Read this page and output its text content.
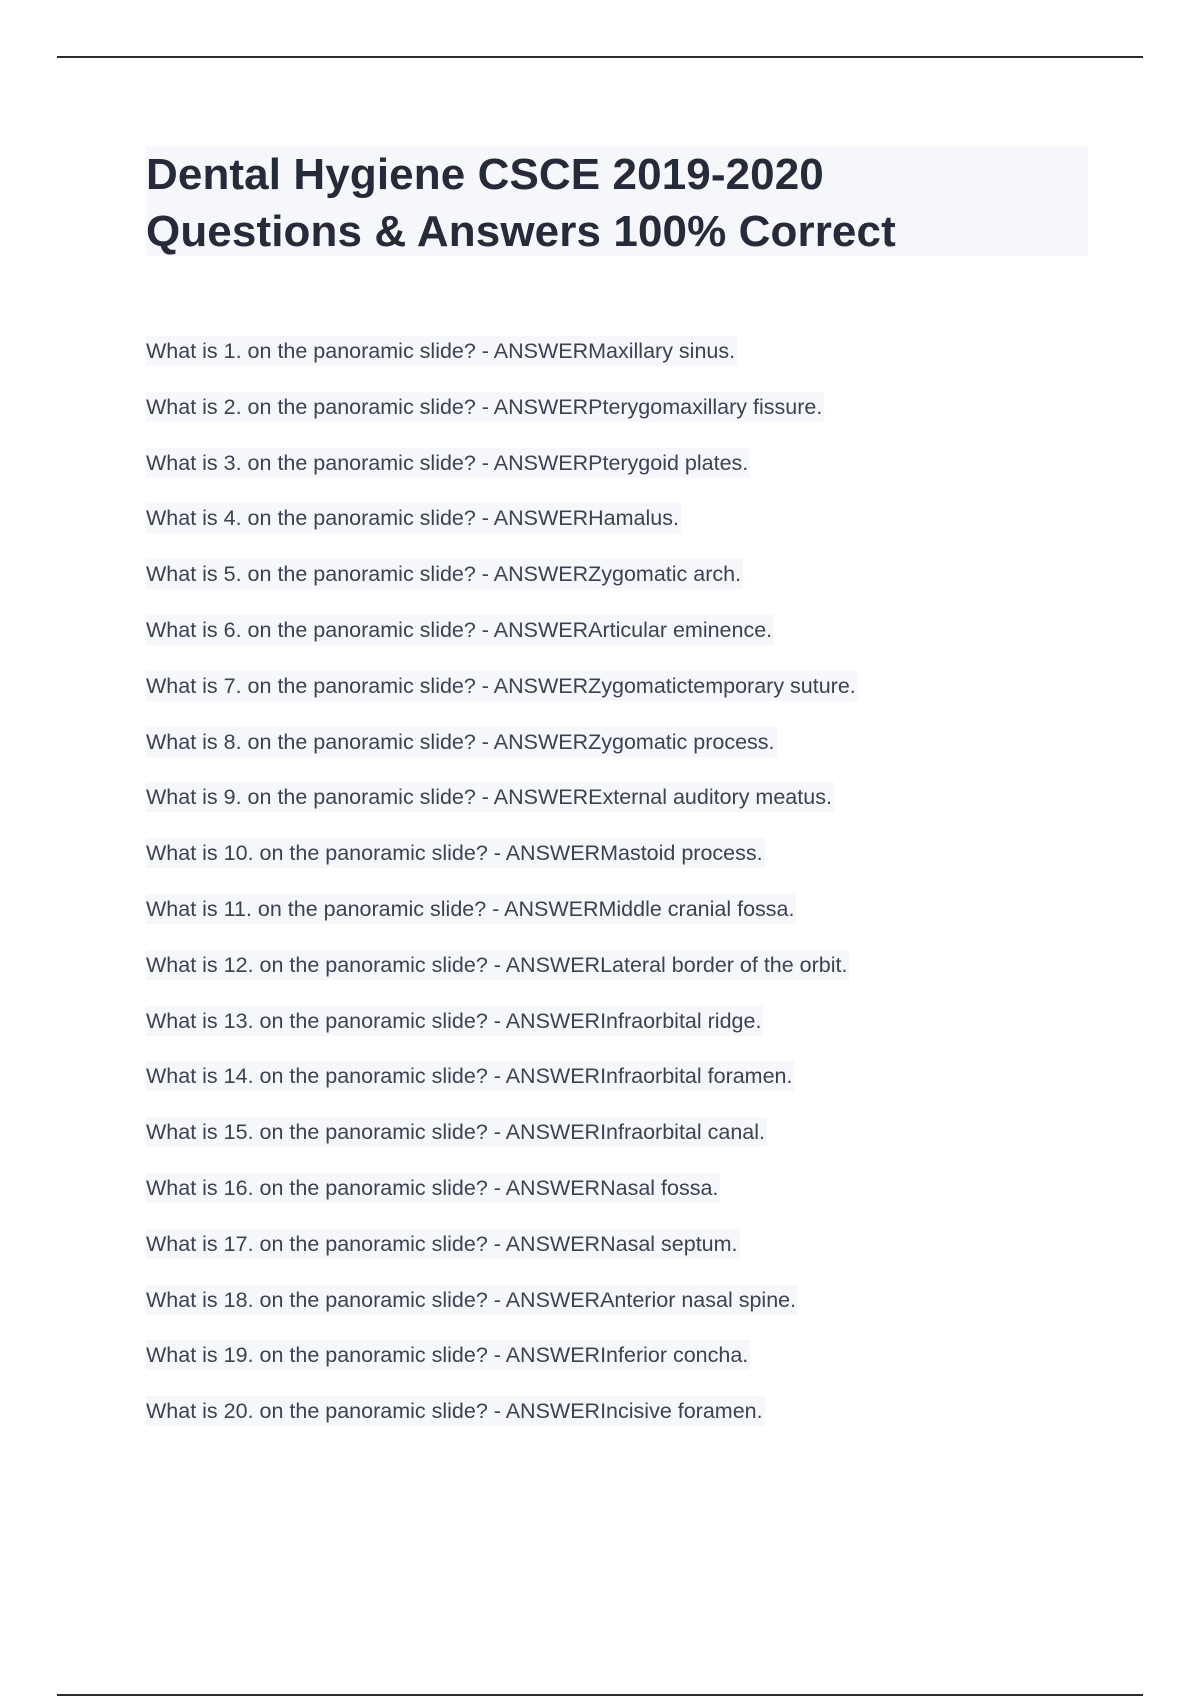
Dental Hygiene CSCE 2019-2020
Questions & Answers 100% Correct
What is 1. on the panoramic slide? - ANSWERMaxillary sinus.
What is 2. on the panoramic slide? - ANSWERPterygomaxillary fissure.
What is 3. on the panoramic slide? - ANSWERPterygoid plates.
What is 4. on the panoramic slide? - ANSWERHamalus.
What is 5. on the panoramic slide? - ANSWERZygomatic arch.
What is 6. on the panoramic slide? - ANSWERArticular eminence.
What is 7. on the panoramic slide? - ANSWERZygomatictemporary suture.
What is 8. on the panoramic slide? - ANSWERZygomatic process.
What is 9. on the panoramic slide? - ANSWERExternal auditory meatus.
What is 10. on the panoramic slide? - ANSWERMastoid process.
What is 11. on the panoramic slide? - ANSWERMiddle cranial fossa.
What is 12. on the panoramic slide? - ANSWERLateral border of the orbit.
What is 13. on the panoramic slide? - ANSWERInfraorbital ridge.
What is 14. on the panoramic slide? - ANSWERInfraorbital foramen.
What is 15. on the panoramic slide? - ANSWERInfraorbital canal.
What is 16. on the panoramic slide? - ANSWERNasal fossa.
What is 17. on the panoramic slide? - ANSWERNasal septum.
What is 18. on the panoramic slide? - ANSWERAnterior nasal spine.
What is 19. on the panoramic slide? - ANSWERInferior concha.
What is 20. on the panoramic slide? - ANSWERIncisive foramen.
